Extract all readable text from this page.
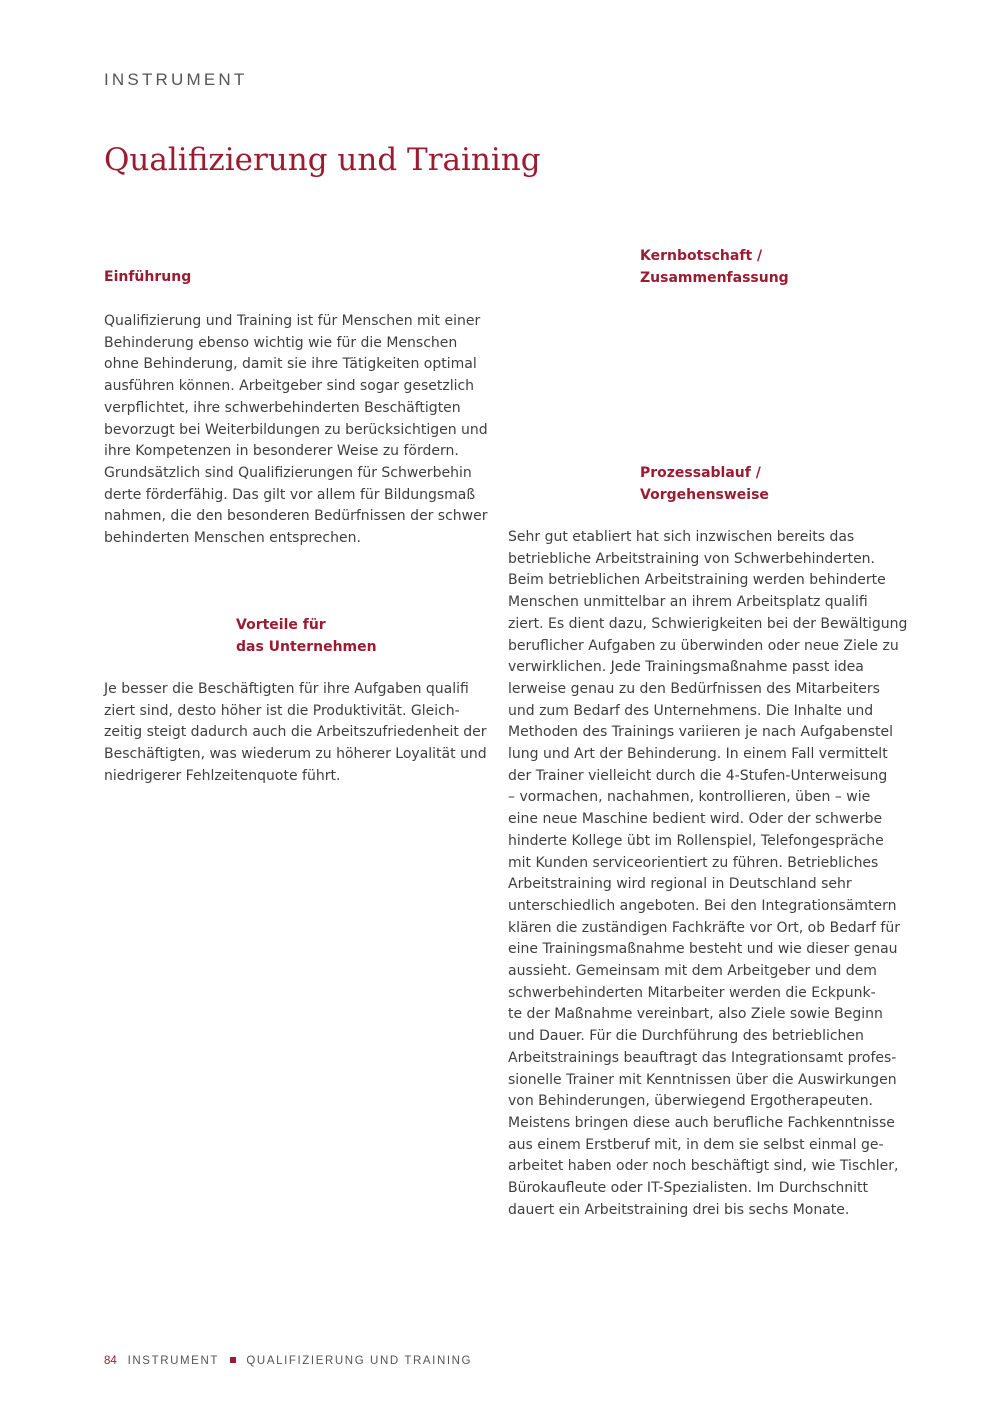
INSTRUMENT
Qualifizierung und Training
Einführung
Qualifizierung und Training ist für Menschen mit einer
Behinderung ebenso wichtig wie für die Menschen
ohne Behinderung, damit sie ihre Tätigkeiten optimal
ausführen können. Arbeitgeber sind sogar gesetzlich
verpflichtet, ihre schwerbehinderten Beschäftigten
bevorzugt bei Weiterbildungen zu berücksichtigen und
ihre Kompetenzen in besonderer Weise zu fördern.
Grundsätzlich sind Qualifizierungen für Schwerbehin
derte förderfähig. Das gilt vor allem für Bildungsmaß
nahmen, die den besonderen Bedürfnissen der schwer
behinderten Menschen entsprechen.
Vorteile für
das Unternehmen
Je besser die Beschäftigten für ihre Aufgaben qualifi
ziert sind, desto höher ist die Produktivität. Gleich-
zeitig steigt dadurch auch die Arbeitszufriedenheit der
Beschäftigten, was wiederum zu höherer Loyalität und
niedrigerer Fehlzeitenquote führt.
Kernbotschaft /
Zusammenfassung
Prozessablauf /
Vorgehensweise
Sehr gut etabliert hat sich inzwischen bereits das
betriebliche Arbeitstraining von Schwerbehinderten.
Beim betrieblichen Arbeitstraining werden behinderte
Menschen unmittelbar an ihrem Arbeitsplatz qualifi
ziert. Es dient dazu, Schwierigkeiten bei der Bewältigung
beruflicher Aufgaben zu überwinden oder neue Ziele zu
verwirklichen. Jede Trainingsmaßnahme passt idea
lerweise genau zu den Bedürfnissen des Mitarbeiters
und zum Bedarf des Unternehmens. Die Inhalte und
Methoden des Trainings variieren je nach Aufgabenstel
lung und Art der Behinderung. In einem Fall vermittelt
der Trainer vielleicht durch die 4-Stufen-Unterweisung
– vormachen, nachahmen, kontrollieren, üben – wie
eine neue Maschine bedient wird. Oder der schwerbe
hinderte Kollege übt im Rollenspiel, Telefongespräche
mit Kunden serviceorientiert zu führen. Betriebliches
Arbeitstraining wird regional in Deutschland sehr
unterschiedlich angeboten. Bei den Integrationsämtern
klären die zuständigen Fachkräfte vor Ort, ob Bedarf für
eine Trainingsmaßnahme besteht und wie dieser genau
aussieht. Gemeinsam mit dem Arbeitgeber und dem
schwerbehinderten Mitarbeiter werden die Eckpunk-
te der Maßnahme vereinbart, also Ziele sowie Beginn
und Dauer. Für die Durchführung des betrieblichen
Arbeitstrainings beauftragt das Integrationsamt profes-
sionelle Trainer mit Kenntnissen über die Auswirkungen
von Behinderungen, überwiegend Ergotherapeuten.
Meistens bringen diese auch berufliche Fachkenntnisse
aus einem Erstberuf mit, in dem sie selbst einmal ge-
arbeitet haben oder noch beschäftigt sind, wie Tischler,
Bürokaufleute oder IT-Spezialisten. Im Durchschnitt
dauert ein Arbeitstraining drei bis sechs Monate.
84 INSTRUMENT QUALIFIZIERUNG UND TRAINING
